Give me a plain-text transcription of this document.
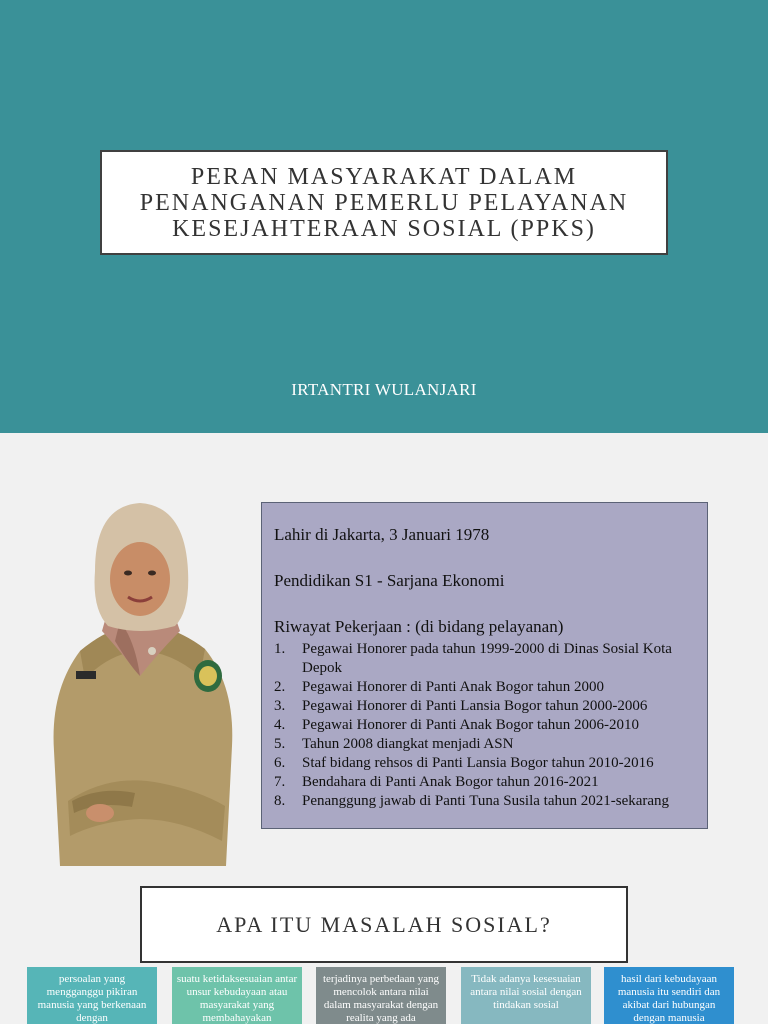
PERAN MASYARAKAT DALAM
PENANGANAN PEMERLU PELAYANAN
KESEJAHTERAAN SOSIAL (PPKS)
IRTANTRI WULANJARI
Lahir di Jakarta, 3 Januari 1978
Pendidikan S1 - Sarjana Ekonomi
Riwayat Pekerjaan : (di bidang pelayanan)
1.	Pegawai Honorer pada tahun 1999-2000 di Dinas Sosial Kota Depok
2.	Pegawai Honorer di Panti Anak Bogor tahun 2000
3.	Pegawai Honorer di Panti Lansia Bogor tahun 2000-2006
4.	Pegawai Honorer di Panti Anak Bogor tahun 2006-2010
5.	Tahun 2008 diangkat menjadi ASN
6.	Staf bidang rehsos di Panti Lansia Bogor tahun 2010-2016
7.	Bendahara di Panti Anak Bogor tahun 2016-2021
8.	Penanggung jawab di Panti Tuna Susila tahun 2021-sekarang
APA ITU MASALAH SOSIAL?
persoalan yang mengganggu pikiran manusia yang berkenaan dengan
suatu ketidaksesuaian antar unsur kebudayaan atau masyarakat yang membahayakan
terjadinya perbedaan yang mencolok antara nilai dalam masyarakat dengan realita yang ada
Tidak adanya kesesuaian antara nilai sosial dengan tindakan sosial
hasil dari kebudayaan manusia itu sendiri dan akibat dari hubungan dengan manusia
